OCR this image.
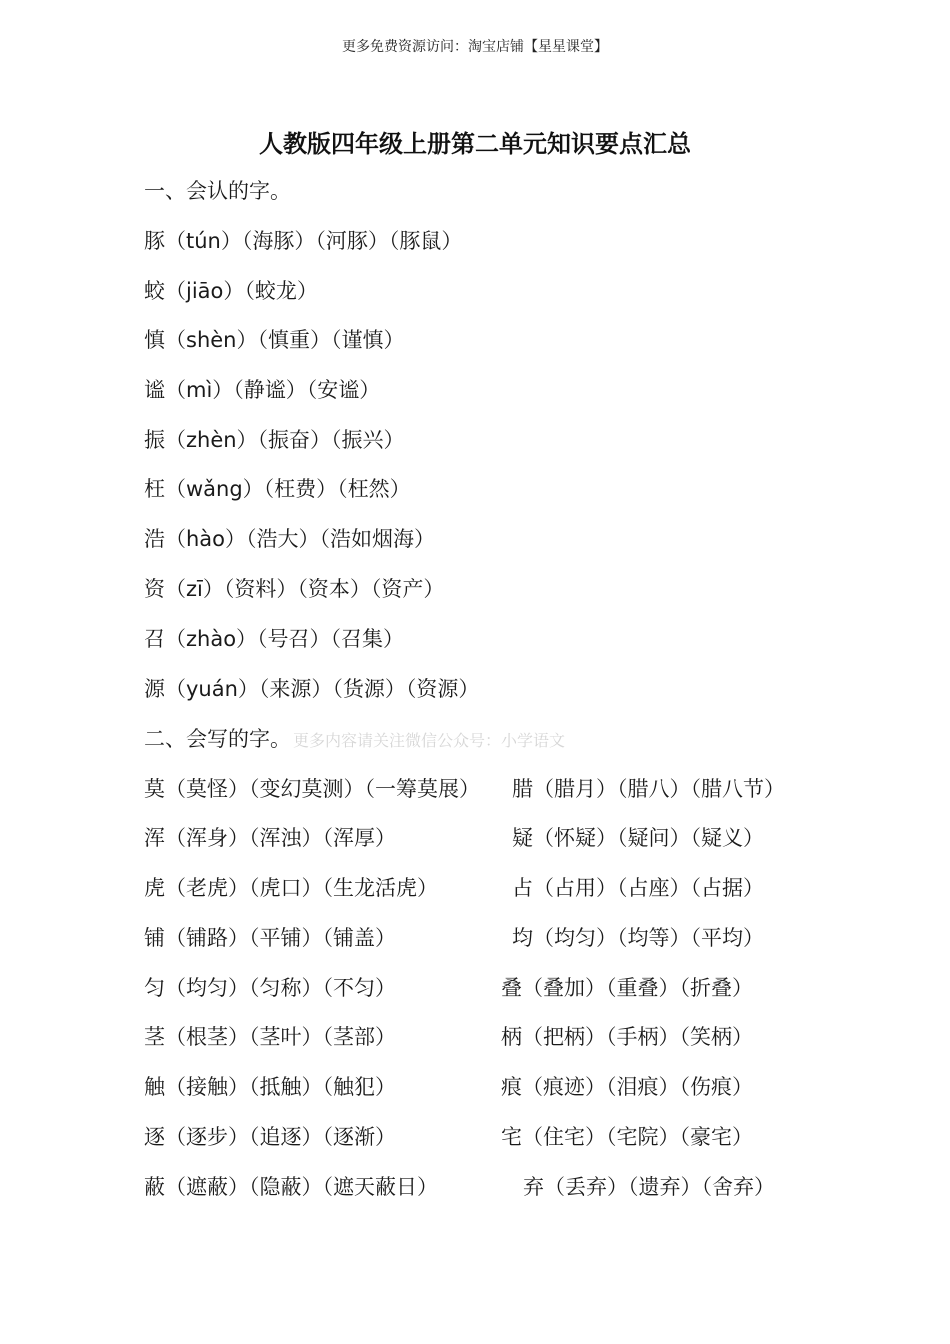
更多免费资源访问：淘宝店铺【星星课堂】
人教版四年级上册第二单元知识要点汇总
一、会认的字。
豚（tún）（海豚）（河豚）（豚鼠）
蛟（jiāo）（蛟龙）
慎（shèn）（慎重）（谨慎）
谧（mì）（静谧）（安谧）
振（zhèn）（振奋）（振兴）
枉（wǎng）（枉费）（枉然）
浩（hào）（浩大）（浩如烟海）
资（zī）（资料）（资本）（资产）
召（zhào）（号召）（召集）
源（yuán）（来源）（货源）（资源）
二、会写的字。 更多内容请关注微信公众号：小学语文
莫（莫怪）（变幻莫测）（一筹莫展） 腊（腊月）（腊八）（腊八节）
浑（浑身）（浑浊）（浑厚）	疑（怀疑）（疑问）（疑义）
虎（老虎）（虎口）（生龙活虎）	占（占用）（占座）（占据）
铺（铺路）（平铺）（铺盖）	均（均匀）（均等）（平均）
匀（均匀）（匀称）（不匀）	叠（叠加）（重叠）（折叠）
茎（根茎）（茎叶）（茎部）	柄（把柄）（手柄）（笑柄）
触（接触）（抵触）（触犯）	痕（痕迹）（泪痕）（伤痕）
逐（逐步）（追逐）（逐渐）	宅（住宅）（宅院）（豪宅）
蔽（遮蔽）（隐蔽）（遮天蔽日）	弃（丢弃）（遗弃）（舍弃）
